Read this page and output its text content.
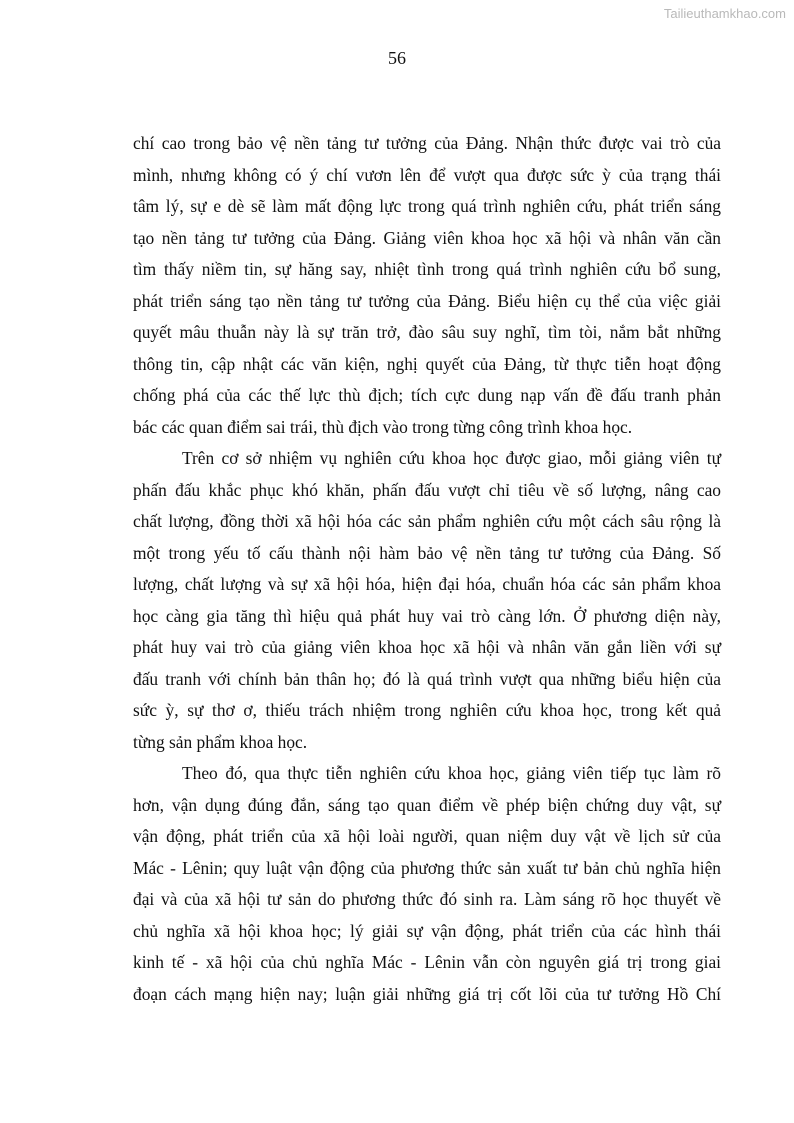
Tailieuthamkhao.com
56

chí cao trong bảo vệ nền tảng tư tưởng của Đảng. Nhận thức được vai trò của

mình, nhưng không có ý chí vươn lên để vượt qua được sức ỳ của trạng thái

tâm lý, sự e dè sẽ làm mất động lực trong quá trình nghiên cứu, phát triển sáng

tạo nền tảng tư tưởng của Đảng. Giảng viên khoa học xã hội và nhân văn cần

tìm thấy niềm tin, sự hăng say, nhiệt tình trong quá trình nghiên cứu bổ sung,

phát triển sáng tạo nền tảng tư tưởng của Đảng. Biểu hiện cụ thể của việc giải

quyết mâu thuẫn này là sự trăn trở, đào sâu suy nghĩ, tìm tòi, nắm bắt những

thông tin, cập nhật các văn kiện, nghị quyết của Đảng, từ thực tiễn hoạt động

chống phá của các thế lực thù địch; tích cực dung nạp vấn đề đấu tranh phản

bác các quan điểm sai trái, thù địch vào trong từng công trình khoa học.

Trên cơ sở nhiệm vụ nghiên cứu khoa học được giao, mỗi giảng viên tự

phấn đấu khắc phục khó khăn, phấn đấu vượt chỉ tiêu về số lượng, nâng cao

chất lượng, đồng thời xã hội hóa các sản phẩm nghiên cứu một cách sâu rộng là

một trong yếu tố cấu thành nội hàm bảo vệ nền tảng tư tưởng của Đảng. Số

lượng, chất lượng và sự xã hội hóa, hiện đại hóa, chuẩn hóa các sản phẩm khoa

học càng gia tăng thì hiệu quả phát huy vai trò càng lớn. Ở phương diện này,

phát huy vai trò của giảng viên khoa học xã hội và nhân văn gắn liền với sự

đấu tranh với chính bản thân họ; đó là quá trình vượt qua những biểu hiện của

sức ỳ, sự thơ ơ, thiếu trách nhiệm trong nghiên cứu khoa học, trong kết quả

từng sản phẩm khoa học.

Theo đó, qua thực tiễn nghiên cứu khoa học, giảng viên tiếp tục làm rõ

hơn, vận dụng đúng đắn, sáng tạo quan điểm về phép biện chứng duy vật, sự

vận động, phát triển của xã hội loài người, quan niệm duy vật về lịch sử của

Mác - Lênin; quy luật vận động của phương thức sản xuất tư bản chủ nghĩa hiện

đại và của xã hội tư sản do phương thức đó sinh ra. Làm sáng rõ học thuyết về

chủ nghĩa xã hội khoa học; lý giải sự vận động, phát triển của các hình thái

kinh tế - xã hội của chủ nghĩa Mác - Lênin vẫn còn nguyên giá trị trong giai

đoạn cách mạng hiện nay; luận giải những giá trị cốt lõi của tư tưởng Hồ Chí
